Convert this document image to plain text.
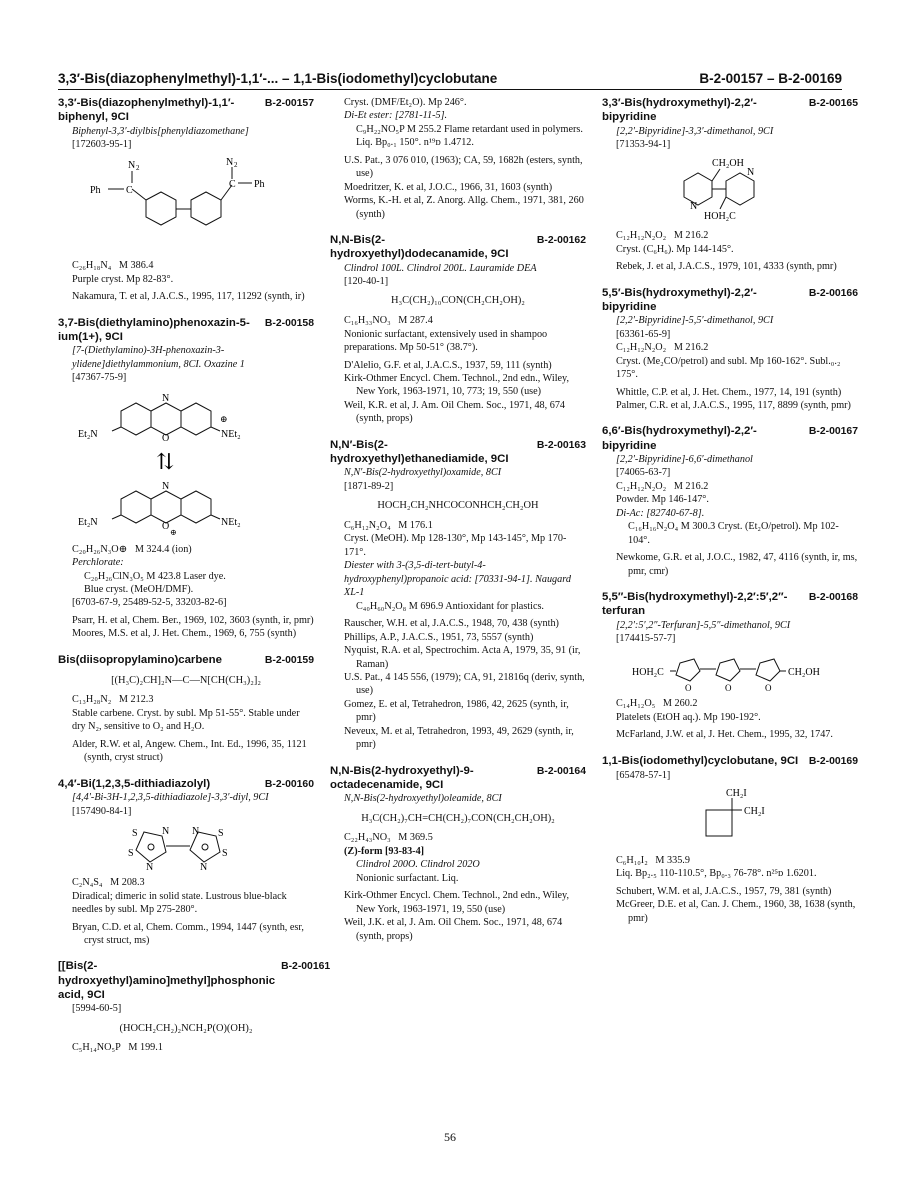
3,3′-Bis(diazophenylmethyl)-1,1′-... – 1,1-Bis(iodomethyl)cyclobutane	B-2-00157 – B-2-00169
3,3′-Bis(diazophenylmethyl)-1,1′-biphenyl, 9CI
B-2-00157
Biphenyl-3,3′-diylbis[phenyldiazomethane]
[172603-95-1]
Ph	C
N 2	N 2
C Ph
C₂₆H₁₈N₄ M 386.4
Purple cryst. Mp 82-83°.
Nakamura, T. et al, J.A.C.S., 1995, 117, 11292 (synth, ir)
3,7-Bis(diethylamino)phenoxazin-5-ium(1+), 9CI
B-2-00158
[7-(Diethylamino)-3H-phenoxazin-3-ylidene]diethylammonium, 8CI. Oxazine 1
[47367-75-9]
N
O
Et₂N
⊕
NEt₂
⇅
N
O
⊕
Et₂N	NEt₂
C₂₀H₂₆N₃O⊕ M 324.4 (ion)
Perchlorate:
C₂₀H₂₆ClN₃O₅ M 423.8 Laser dye.
Blue cryst. (MeOH/DMF).
[6703-67-9, 25489-52-5, 33203-82-6]
Psarr, H. et al, Chem. Ber., 1969, 102, 3603 (synth, ir, pmr)
Moores, M.S. et al, J. Het. Chem., 1969, 6, 755 (synth)
Bis(diisopropylamino)carbene	B-2-00159
[(H₃C)₂CH]₂N—C—N[CH(CH₃)₂]₂
C₁₃H₂₈N₂ M 212.3
Stable carbene. Cryst. by subl. Mp 51-55°. Stable under dry N₂, sensitive to O₂ and H₂O.
Alder, R.W. et al, Angew. Chem., Int. Ed., 1996, 35, 1121 (synth, cryst struct)
4,4′-Bi(1,2,3,5-dithiadiazolyl)	B-2-00160
[4,4′-Bi-3H-1,2,3,5-dithiadiazole]-3,3′-diyl, 9CI
[157490-84-1]
S N
S
N
N S
S
N
C₂N₄S₄ M 208.3
Diradical; dimeric in solid state. Lustrous blue-black needles by subl. Mp 275-280°.
Bryan, C.D. et al, Chem. Comm., 1994, 1447 (synth, esr, cryst struct, ms)
[[Bis(2-hydroxyethyl)amino]methyl]phosphonic acid, 9CI
B-2-00161
[5994-60-5]
(HOCH₂CH₂)₂NCH₂P(O)(OH)₂
C₅H₁₄NO₅P M 199.1
Cryst. (DMF/Et₂O). Mp 246°.
Di-Et ester: [2781-11-5].
C₉H₂₂NO₅P M 255.2 Flame retardant used in polymers. Liq. Bp₀.₁ 150°. n¹⁹ᴅ 1.4712.
U.S. Pat., 3 076 010, (1963); CA, 59, 1682h (esters, synth, use)
Moedritzer, K. et al, J.O.C., 1966, 31, 1603 (synth)
Worms, K.-H. et al, Z. Anorg. Allg. Chem., 1971, 381, 260 (synth)
N,N-Bis(2-hydroxyethyl)dodecanamide, 9CI
B-2-00162
Clindrol 100L. Clindrol 200L. Lauramide DEA
[120-40-1]
H₃C(CH₂)₁₀CON(CH₂CH₂OH)₂
C₁₆H₃₃NO₃ M 287.4
Nonionic surfactant, extensively used in shampoo preparations. Mp 50-51° (38.7°).
D'Alelio, G.F. et al, J.A.C.S., 1937, 59, 111 (synth)
Kirk-Othmer Encycl. Chem. Technol., 2nd edn., Wiley, New York, 1963-1971, 10, 773; 19, 550 (use)
Weil, K.R. et al, J. Am. Oil Chem. Soc., 1971, 48, 674 (synth, props)
N,N′-Bis(2-hydroxyethyl)ethanediamide, 9CI
B-2-00163
N,N′-Bis(2-hydroxyethyl)oxamide, 8CI
[1871-89-2]
HOCH₂CH₂NHCOCONHCH₂CH₂OH
C₆H₁₂N₂O₄ M 176.1
Cryst. (MeOH). Mp 128-130°, Mp 143-145°, Mp 170-171°.
Diester with 3-(3,5-di-tert-butyl-4-hydroxyphenyl)propanoic acid: [70331-94-1]. Naugard XL-1
C₄₀H₆₀N₂O₈ M 696.9 Antioxidant for plastics.
Rauscher, W.H. et al, J.A.C.S., 1948, 70, 438 (synth)
Phillips, A.P., J.A.C.S., 1951, 73, 5557 (synth)
Nyquist, R.A. et al, Spectrochim. Acta A, 1979, 35, 91 (ir, Raman)
U.S. Pat., 4 145 556, (1979); CA, 91, 21816q (deriv, synth, use)
Gomez, E. et al, Tetrahedron, 1986, 42, 2625 (synth, ir, pmr)
Neveux, M. et al, Tetrahedron, 1993, 49, 2629 (synth, ir, pmr)
N,N-Bis(2-hydroxyethyl)-9-octadecenamide, 9CI
B-2-00164
N,N-Bis(2-hydroxyethyl)oleamide, 8CI
H₃C(CH₂)₇CH=CH(CH₂)₇CON(CH₂CH₂OH)₂
C₂₂H₄₃NO₃ M 369.5
(Z)-form [93-83-4]
Clindrol 200O. Clindrol 202O
Nonionic surfactant. Liq.
Kirk-Othmer Encycl. Chem. Technol., 2nd edn., Wiley, New York, 1963-1971, 19, 550 (use)
Weil, J.K. et al, J. Am. Oil Chem. Soc., 1971, 48, 674 (synth, props)
3,3′-Bis(hydroxymethyl)-2,2′-bipyridine
B-2-00165
[2,2′-Bipyridine]-3,3′-dimethanol, 9CI
[71353-94-1]
CH₂OH
HOH₂C
N
N
C₁₂H₁₂N₂O₂ M 216.2
Cryst. (C₆H₆). Mp 144-145°.
Rebek, J. et al, J.A.C.S., 1979, 101, 4333 (synth, pmr)
5,5′-Bis(hydroxymethyl)-2,2′-bipyridine
B-2-00166
[2,2′-Bipyridine]-5,5′-dimethanol, 9CI
[63361-65-9]
C₁₂H₁₂N₂O₂ M 216.2
Cryst. (Me₂CO/petrol) and subl. Mp 160-162°. Subl.₀.₂ 175°.
Whittle, C.P. et al, J. Het. Chem., 1977, 14, 191 (synth)
Palmer, C.R. et al, J.A.C.S., 1995, 117, 8899 (synth, pmr)
6,6′-Bis(hydroxymethyl)-2,2′-bipyridine
B-2-00167
[2,2′-Bipyridine]-6,6′-dimethanol
[74065-63-7]
C₁₂H₁₂N₂O₂ M 216.2
Powder. Mp 146-147°.
Di-Ac: [82740-67-8].
C₁₆H₁₆N₂O₄ M 300.3 Cryst. (Et₂O/petrol). Mp 102-104°.
Newkome, G.R. et al, J.O.C., 1982, 47, 4116 (synth, ir, ms, pmr, cmr)
5,5″-Bis(hydroxymethyl)-2,2′:5′,2″-terfuran
B-2-00168
[2,2′:5′,2″-Terfuran]-5,5″-dimethanol, 9CI
[174415-57-7]
HOH₂C
O	O	O
CH₂OH
C₁₄H₁₂O₅ M 260.2
Platelets (EtOH aq.). Mp 190-192°.
McFarland, J.W. et al, J. Het. Chem., 1995, 32, 1747.
1,1-Bis(iodomethyl)cyclobutane, 9CI	B-2-00169
[65478-57-1]
CH₂I
CH₂I
C₆H₁₀I₂ M 335.9
Liq. Bp₂.₅ 110-110.5°, Bp₀.₃ 76-78°. n²⁵ᴅ 1.6201.
Schubert, W.M. et al, J.A.C.S., 1957, 79, 381 (synth)
McGreer, D.E. et al, Can. J. Chem., 1960, 38, 1638 (synth, pmr)
56
